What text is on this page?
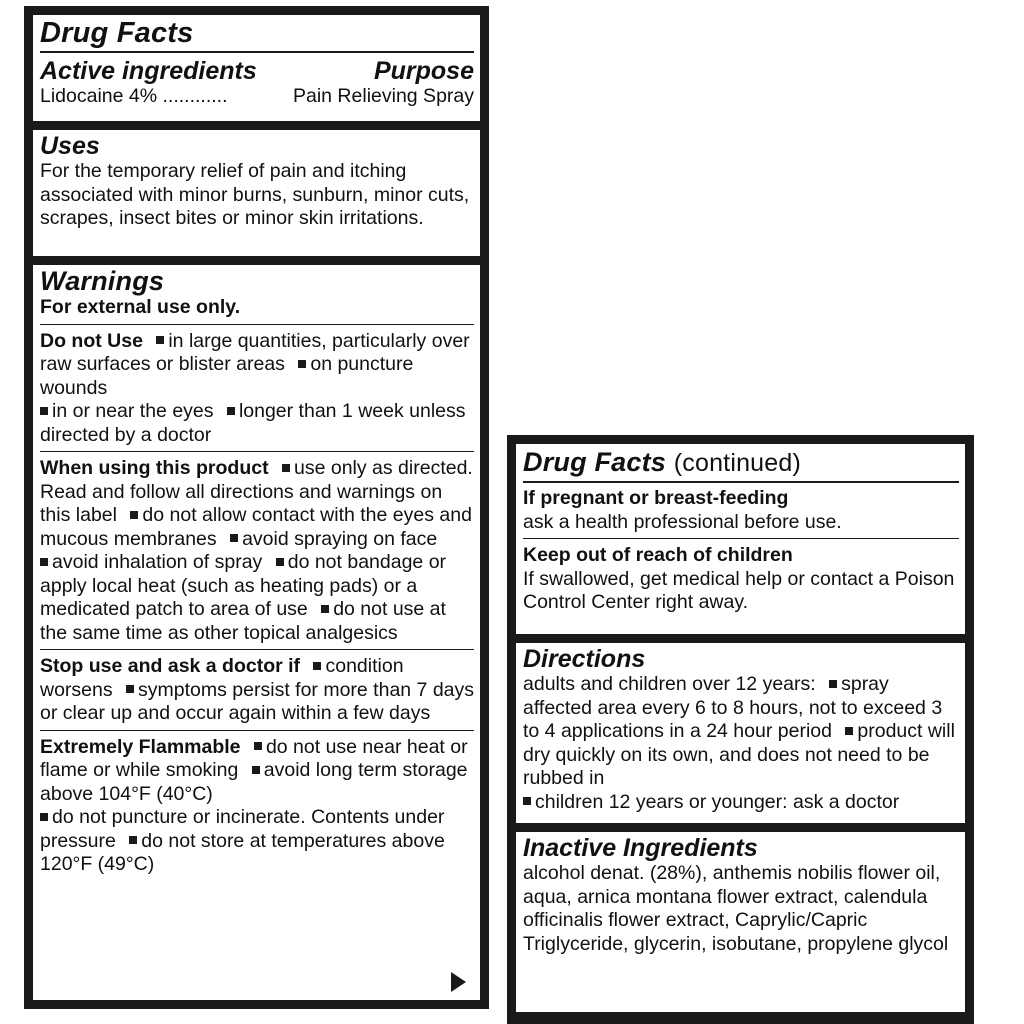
Drug Facts
Active ingredients	Purpose
Lidocaine 4% ............	Pain Relieving Spray
Uses
For the temporary relief of pain and itching associated with minor burns, sunburn, minor cuts, scrapes, insect bites or minor skin irritations.
Warnings
For external use only.
Do not Use in large quantities, particularly over raw surfaces or blister areas on puncture wounds
in or near the eyes longer than 1 week unless directed by a doctor
When using this product use only as directed. Read and follow all directions and warnings on this label do not allow contact with the eyes and mucous membranes avoid spraying on face
avoid inhalation of spray do not bandage or apply local heat (such as heating pads) or a medicated patch to area of use do not use at the same time as other topical analgesics
Stop use and ask a doctor if condition worsens symptoms persist for more than 7 days or clear up and occur again within a few days
Extremely Flammable do not use near heat or flame or while smoking avoid long term storage above 104°F (40°C)
do not puncture or incinerate. Contents under pressure do not store at temperatures above 120°F (49°C)
Drug Facts (continued)
If pregnant or breast-feeding
ask a health professional before use.
Keep out of reach of children
If swallowed, get medical help or contact a Poison Control Center right away.
Directions
adults and children over 12 years: spray affected area every 6 to 8 hours, not to exceed 3 to 4 applications in a 24 hour period product will dry quickly on its own, and does not need to be rubbed in
children 12 years or younger: ask a doctor
Inactive Ingredients
alcohol denat. (28%), anthemis nobilis flower oil, aqua, arnica montana flower extract, calendula officinalis flower extract, Caprylic/Capric Triglyceride, glycerin, isobutane, propylene glycol
